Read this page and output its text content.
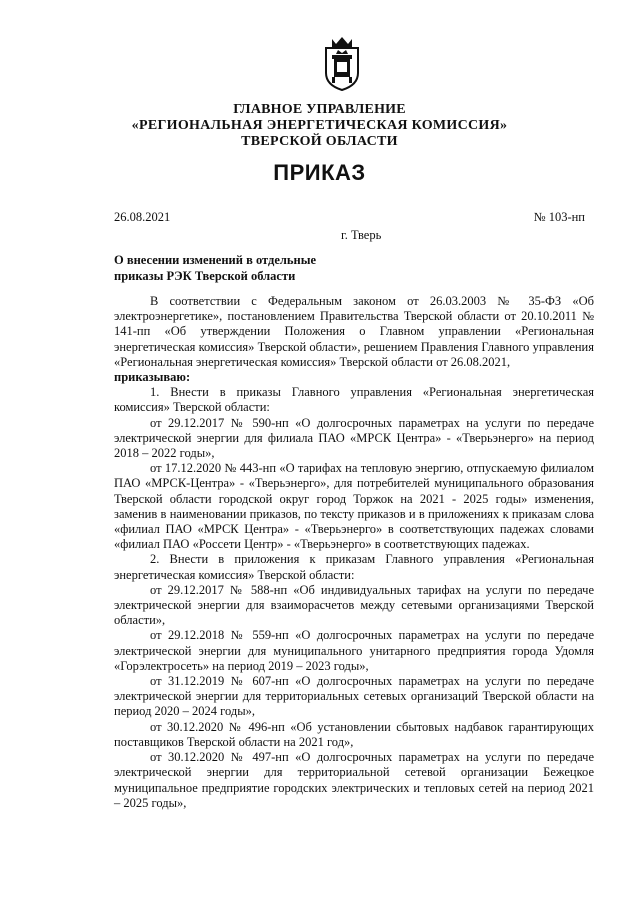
ГЛАВНОЕ УПРАВЛЕНИЕ
«РЕГИОНАЛЬНАЯ ЭНЕРГЕТИЧЕСКАЯ КОМИССИЯ»
ТВЕРСКОЙ ОБЛАСТИ
ПРИКАЗ
26.08.2021	№ 103-нп
г. Тверь
О внесении изменений в отдельные
приказы РЭК Тверской области

В соответствии с Федеральным законом от 26.03.2003 № 35-ФЗ «Об электроэнергетике», постановлением Правительства Тверской области от 20.10.2011 № 141-пп «Об утверждении Положения о Главном управлении «Региональная энергетическая комиссия» Тверской области», решением Правления Главного управления «Региональная энергетическая комиссия» Тверской области от 26.08.2021,

приказываю:

1. Внести в приказы Главного управления «Региональная энергетическая комиссия» Тверской области:

от 29.12.2017 № 590-нп «О долгосрочных параметрах на услуги по передаче электрической энергии для филиала ПАО «МРСК Центра» - «Тверьэнерго» на период 2018 – 2022 годы»,

от 17.12.2020 № 443-нп «О тарифах на тепловую энергию, отпускаемую филиалом ПАО «МРСК-Центра» - «Тверьэнерго», для потребителей муниципального образования Тверской области городской округ город Торжок на 2021 - 2025 годы» изменения, заменив в наименовании приказов, по тексту приказов и в приложениях к приказам слова «филиал ПАО «МРСК Центра» - «Тверьэнерго» в соответствующих падежах словами «филиал ПАО «Россети Центр» - «Тверьэнерго» в соответствующих падежах.

2. Внести в приложения к приказам Главного управления «Региональная энергетическая комиссия» Тверской области:

от 29.12.2017 № 588-нп «Об индивидуальных тарифах на услуги по передаче электрической энергии для взаиморасчетов между сетевыми организациями Тверской области»,

от 29.12.2018 № 559-нп «О долгосрочных параметрах на услуги по передаче электрической энергии для муниципального унитарного предприятия города Удомля «Горэлектросеть» на период 2019 – 2023 годы»,

от 31.12.2019 № 607-нп «О долгосрочных параметрах на услуги по передаче электрической энергии для территориальных сетевых организаций Тверской области на период 2020 – 2024 годы»,

от 30.12.2020 № 496-нп «Об установлении сбытовых надбавок гарантирующих поставщиков Тверской области на 2021 год»,

от 30.12.2020 № 497-нп «О долгосрочных параметрах на услуги по передаче электрической энергии для территориальной сетевой организации Бежецкое муниципальное предприятие городских электрических и тепловых сетей на период 2021 – 2025 годы»,
